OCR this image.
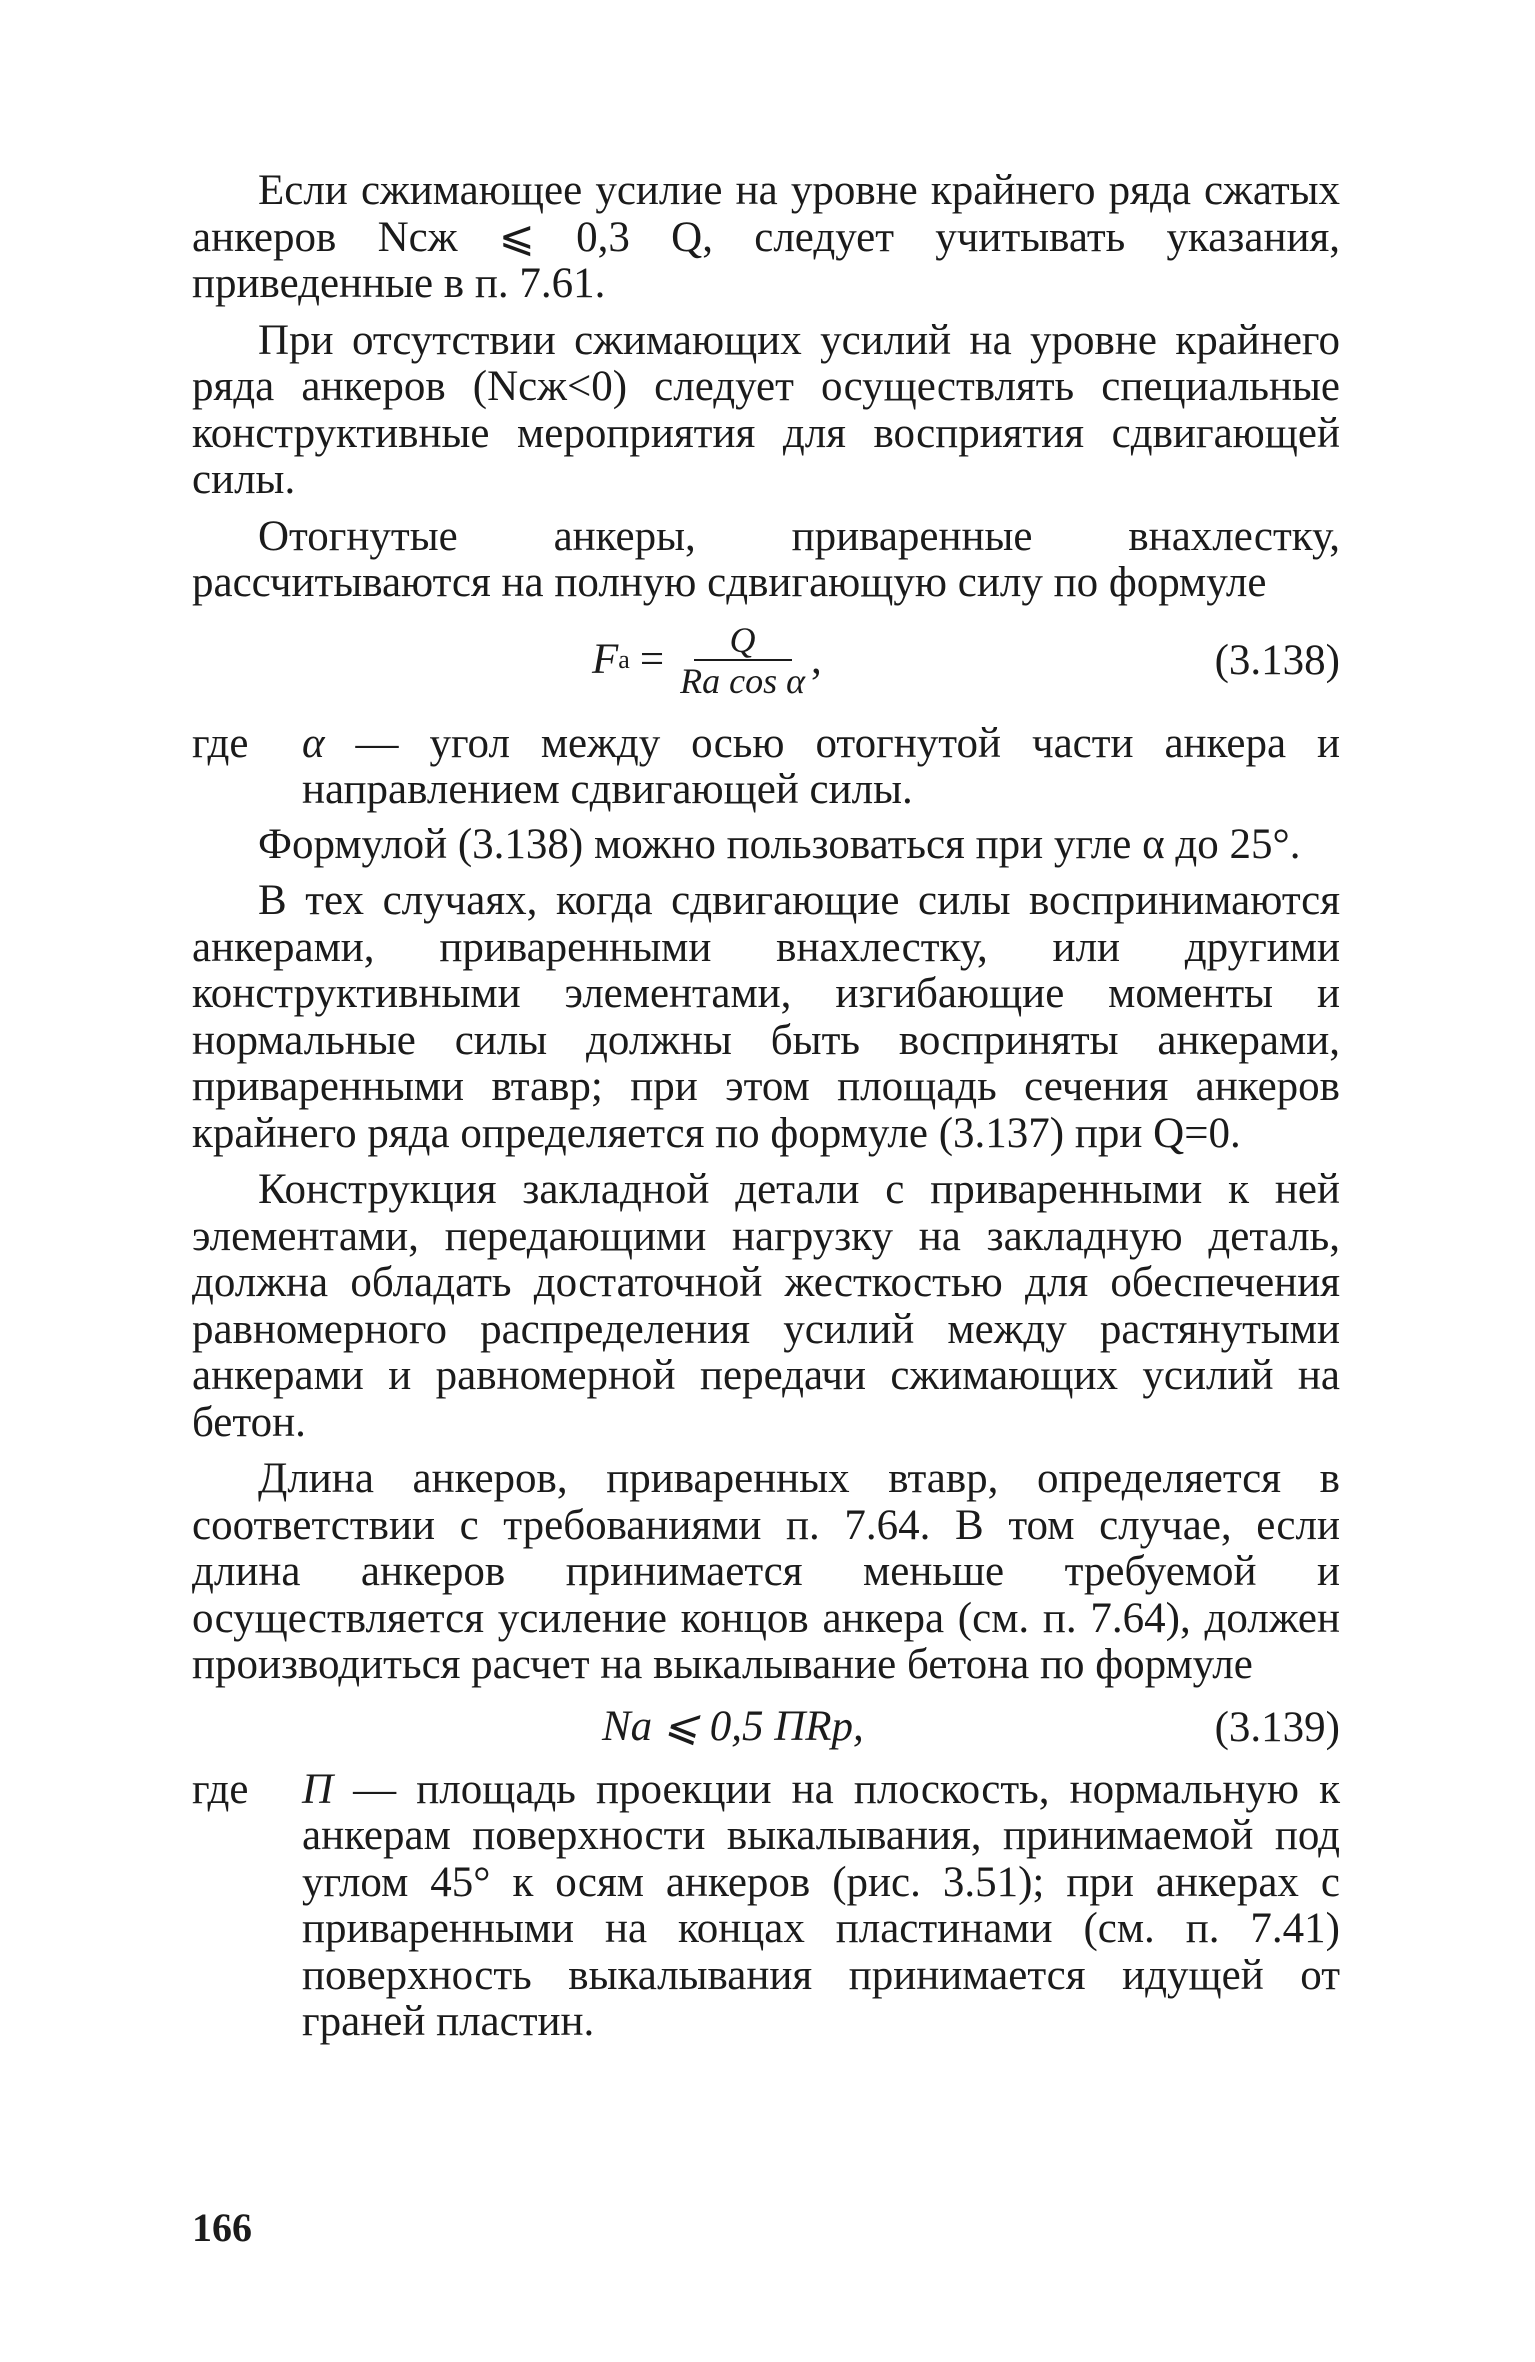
Если сжимающее усилие на уровне крайнего ряда сжатых анкеров Nсж ⩽ 0,3 Q, следует учитывать указания, приведенные в п. 7.61.

При отсутствии сжимающих усилий на уровне крайнего ряда анкеров (Nсж<0) следует осуществлять специальные конструктивные мероприятия для восприятия сдвигающей силы.

Отогнутые анкеры, приваренные внахлестку, рассчитываются на полную сдвигающую силу по формуле

F $а = \frac{Q}{\text{Rа cos α}}$ ,	(3.138)
где	α — угол между осью отогнутой части анкера и направлением сдвигающей силы.

Формулой (3.138) можно пользоваться при угле α до 25°.

В тех случаях, когда сдвигающие силы воспринимаются анкерами, приваренными внахлестку, или другими конструктивными элементами, изгибающие моменты и нормальные силы должны быть восприняты анкерами, приваренными втавр; при этом площадь сечения анкеров крайнего ряда определяется по формуле (3.137) при Q=0.

Конструкция закладной детали с приваренными к ней элементами, передающими нагрузку на закладную деталь, должна обладать достаточной жесткостью для обеспечения равномерного распределения усилий между растянутыми анкерами и равномерной передачи сжимающих усилий на бетон.

Длина анкеров, приваренных втавр, определяется в соответствии с требованиями п. 7.64. В том случае, если длина анкеров принимается меньше требуемой и осуществляется усиление концов анкера (см. п. 7.64), должен производиться расчет на выкалывание бетона по формуле

Nа ⩽ 0,5 ПRр,	(3.139)
где	П — площадь проекции на плоскость, нормальную к анкерам поверхности выкалывания, принимаемой под углом 45° к осям анкеров (рис. 3.51); при анкерах с приваренными на концах пластинами (см. п. 7.41) поверхность выкалывания принимается идущей от граней пластин.
166
